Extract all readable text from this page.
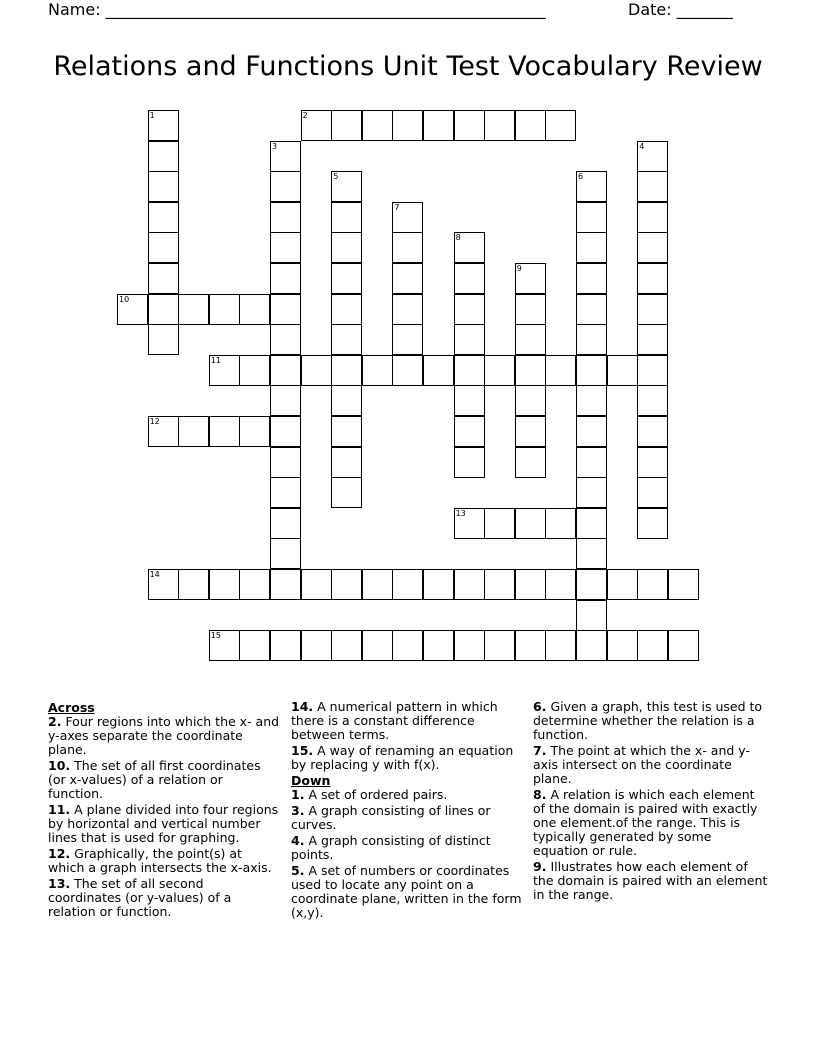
Name: _______________________________________________________	Date: _______
Relations and Functions Unit Test Vocabulary Review
2
10
11
12
13
14
15
1
3	4
5	6
7
8
9
Across
2. Four regions into which the x- and y-axes separate the coordinate plane.
10. The set of all first coordinates (or x-values) of a relation or function.
11. A plane divided into four regions by horizontal and vertical number lines that is used for graphing.
12. Graphically, the point(s) at which a graph intersects the x-axis.
13. The set of all second coordinates (or y-values) of a relation or function.
14. A numerical pattern in which there is a constant difference between terms.
15. A way of renaming an equation by replacing y with f(x).
Down
1. A set of ordered pairs.
3. A graph consisting of lines or curves.
4. A graph consisting of distinct points.
5. A set of numbers or coordinates used to locate any point on a coordinate plane, written in the form (x,y).
6. Given a graph, this test is used to determine whether the relation is a function.
7. The point at which the x- and y-axis intersect on the coordinate plane.
8. A relation is which each element of the domain is paired with exactly one element.of the range. This is typically generated by some equation or rule.
9. Illustrates how each element of the domain is paired with an element in the range.
